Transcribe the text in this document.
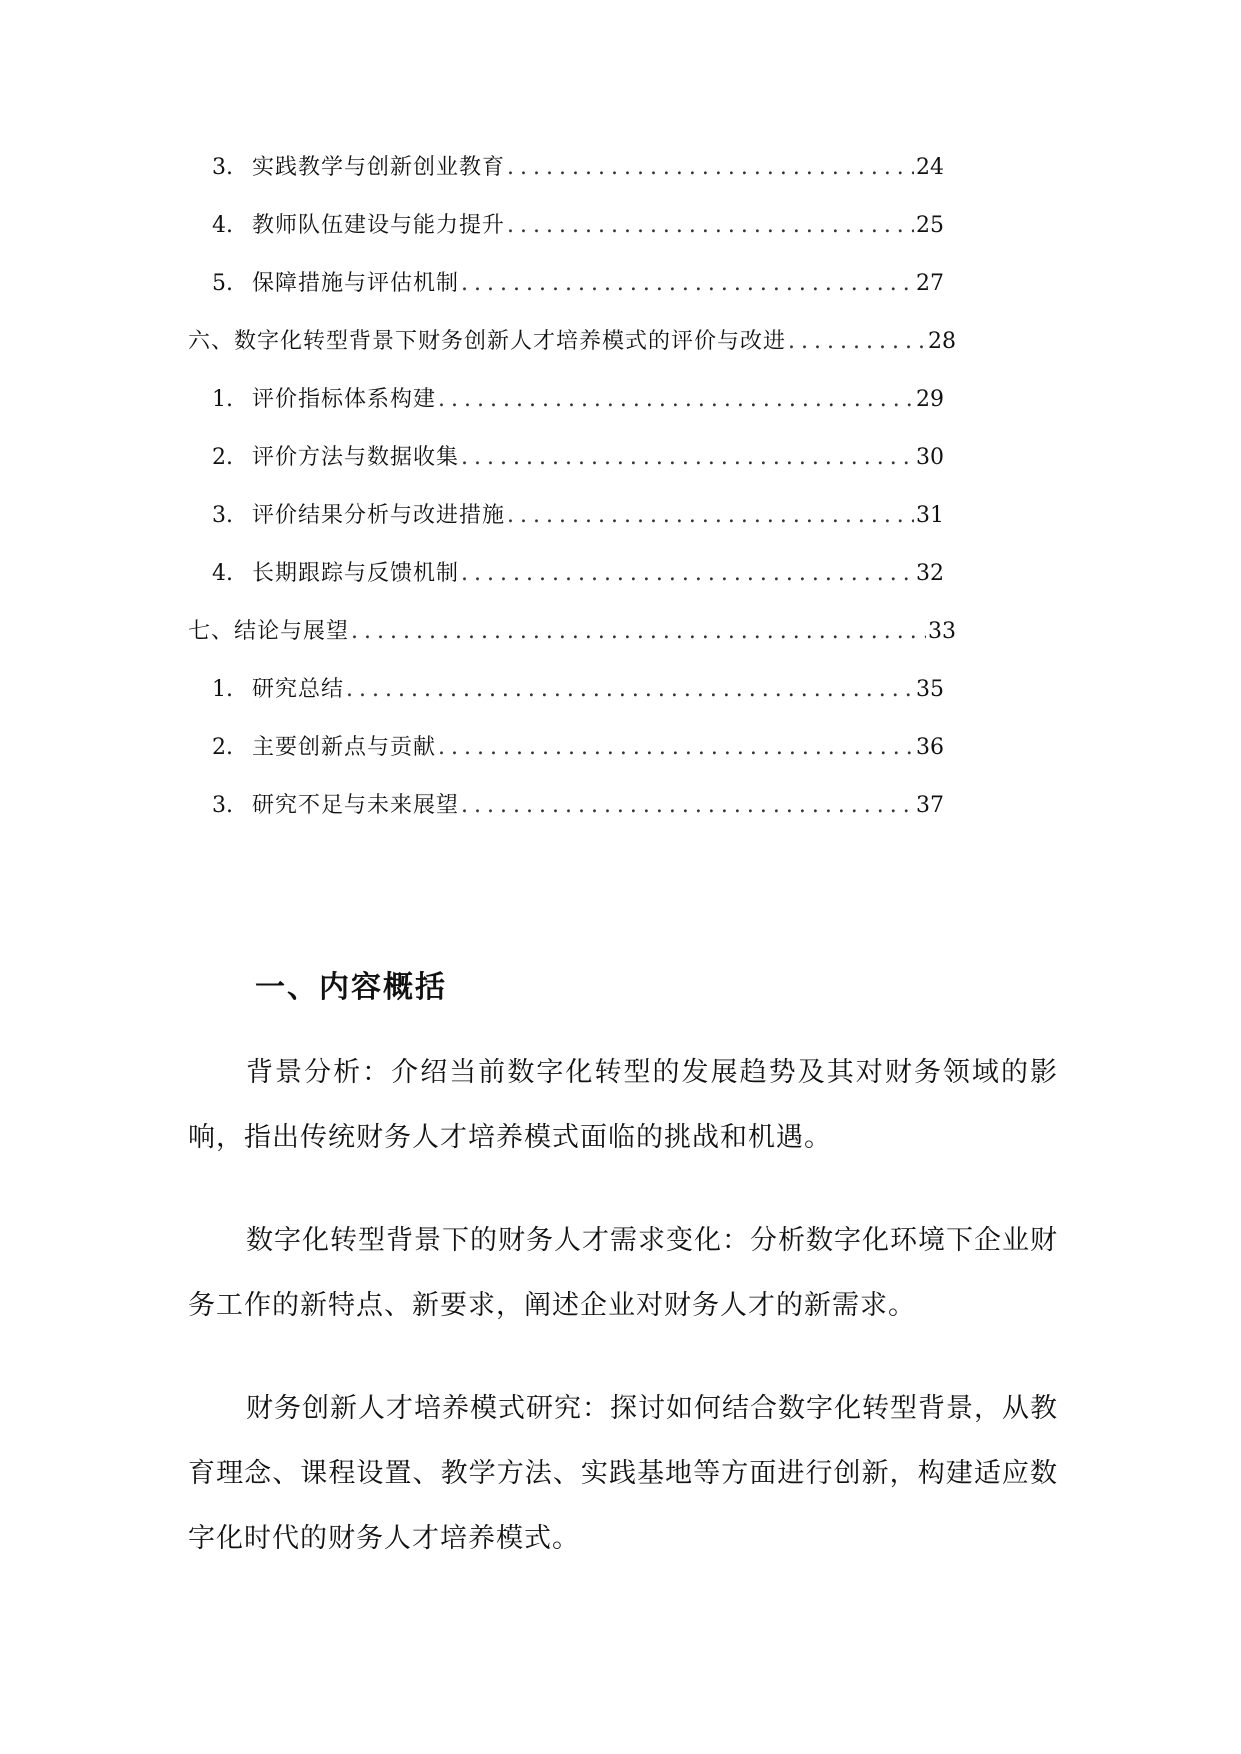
3. 实践教学与创新创业教育 .....	24
4. 教师队伍建设与能力提升 .....	25
5. 保障措施与评估机制 .....	27
六、数字化转型背景下财务创新人才培养模式的评价与改进 .....	28
1. 评价指标体系构建 .....	29
2. 评价方法与数据收集 .....	30
3. 评价结果分析与改进措施 .....	31
4. 长期跟踪与反馈机制 .....	32
七、结论与展望 .....	33
1. 研究总结 .....	35
2. 主要创新点与贡献 .....	36
3. 研究不足与未来展望 .....	37
一、内容概括

背景分析：介绍当前数字化转型的发展趋势及其对财务领域的影响，指出传统财务人才培养模式面临的挑战和机遇。

数字化转型背景下的财务人才需求变化：分析数字化环境下企业财务工作的新特点、新要求，阐述企业对财务人才的新需求。

财务创新人才培养模式研究：探讨如何结合数字化转型背景，从教育理念、课程设置、教学方法、实践基地等方面进行创新，构建适应数字化时代的财务人才培养模式。
